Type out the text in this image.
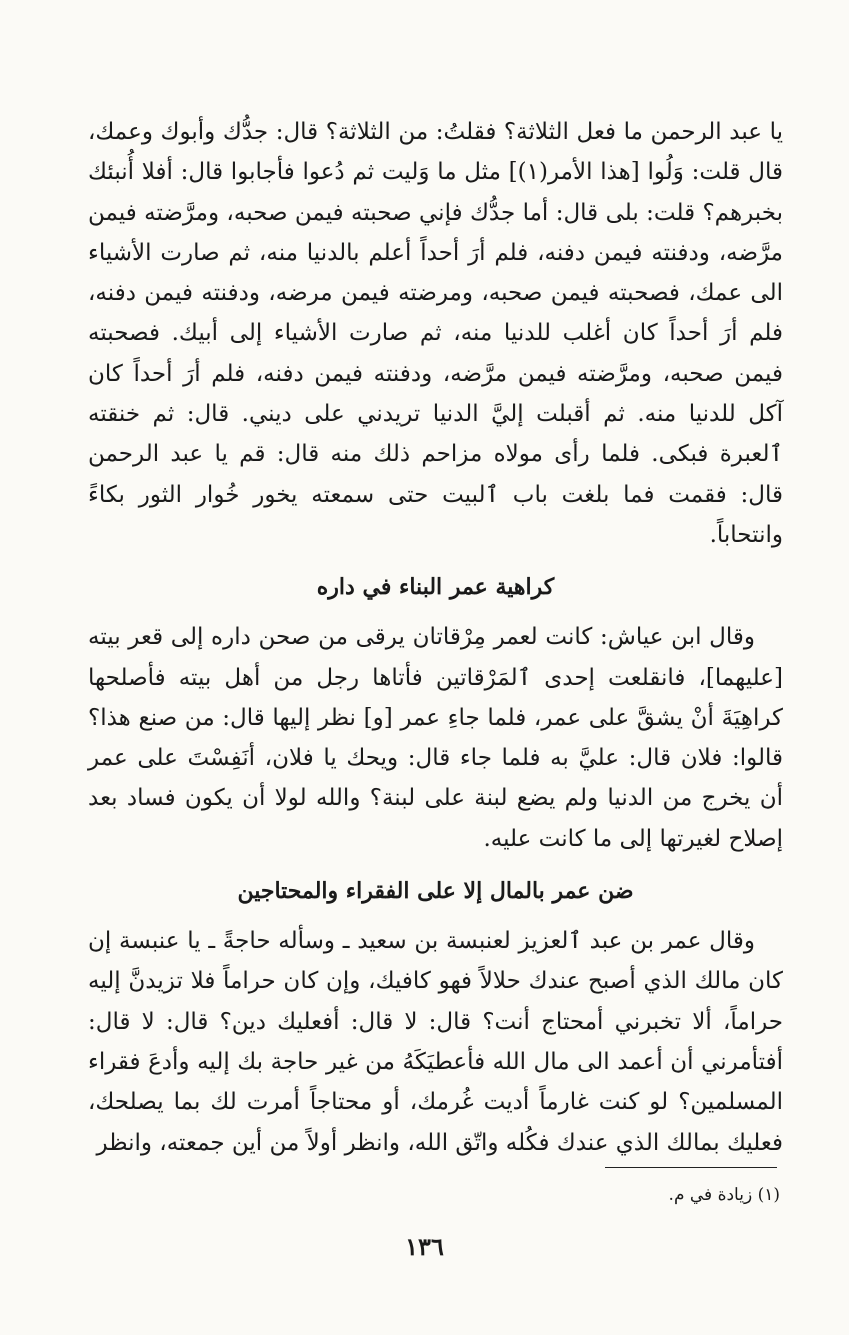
يا عبد الرحمن ما فعل الثلاثة؟ فقلتُ: من الثلاثة؟ قال: جدُّك وأبوك وعمك، قال قلت: وَلُوا [هذا الأمر(١)] مثل ما وَليت ثم دُعوا فأجابوا قال: أفلا أُنبئك بخبرهم؟ قلت: بلى قال: أما جدُّك فإني صحبته فيمن صحبه، ومرَّضته فيمن مرَّضه، ودفنته فيمن دفنه، فلم أرَ أحداً أعلم بالدنيا منه، ثم صارت الأشياء الى عمك، فصحبته فيمن صحبه، ومرضته فيمن مرضه، ودفنته فيمن دفنه، فلم أرَ أحداً كان أغلب للدنيا منه، ثم صارت الأشياء إلى أبيك. فصحبته فيمن صحبه، ومرَّضته فيمن مرَّضه، ودفنته فيمن دفنه، فلم أرَ أحداً كان آكل للدنيا منه. ثم أقبلت إليَّ الدنيا تريدني على ديني. قال: ثم خنقته ٱلعبرة فبكى. فلما رأى مولاه مزاحم ذلك منه قال: قم يا عبد الرحمن قال: فقمت فما بلغت باب ٱلبيت حتى سمعته يخور خُوار الثور بكاءً وانتحاباً.

كراهية عمر البناء في داره

وقال ابن عياش: كانت لعمر مِرْقاتان يرقى من صحن داره إلى قعر بيته [عليهما]، فانقلعت إحدى ٱلمَرْقاتين فأتاها رجل من أهل بيته فأصلحها كراهِيَةَ أنْ يشقَّ على عمر، فلما جاءِ عمر [و] نظر إليها قال: من صنع هذا؟ قالوا: فلان قال: عليَّ به فلما جاء قال: ويحك يا فلان، أنَفِسْتَ على عمر أن يخرج من الدنيا ولم يضع لبنة على لبنة؟ والله لولا أن يكون فساد بعد إصلاح لغيرتها إلى ما كانت عليه.

ضن عمر بالمال إلا على الفقراء والمحتاجين

وقال عمر بن عبد ٱلعزيز لعنبسة بن سعيد ـ وسأله حاجةً ـ يا عنبسة إن كان مالك الذي أصبح عندك حلالاً فهو كافيك، وإن كان حراماً فلا تزيدنَّ إليه حراماً، ألا تخبرني أمحتاج أنت؟ قال: لا قال: أفعليك دين؟ قال: لا قال: أفتأمرني أن أعمد الى مال الله فأعطيَكَهُ من غير حاجة بك إليه وأدعَ فقراء المسلمين؟ لو كنت غارماً أديت غُرمك، أو محتاجاً أمرت لك بما يصلحك، فعليك بمالك الذي عندك فكُله واتّق الله، وانظر أولاً من أين جمعته، وانظر

(١) زيادة في م.
١٣٦
